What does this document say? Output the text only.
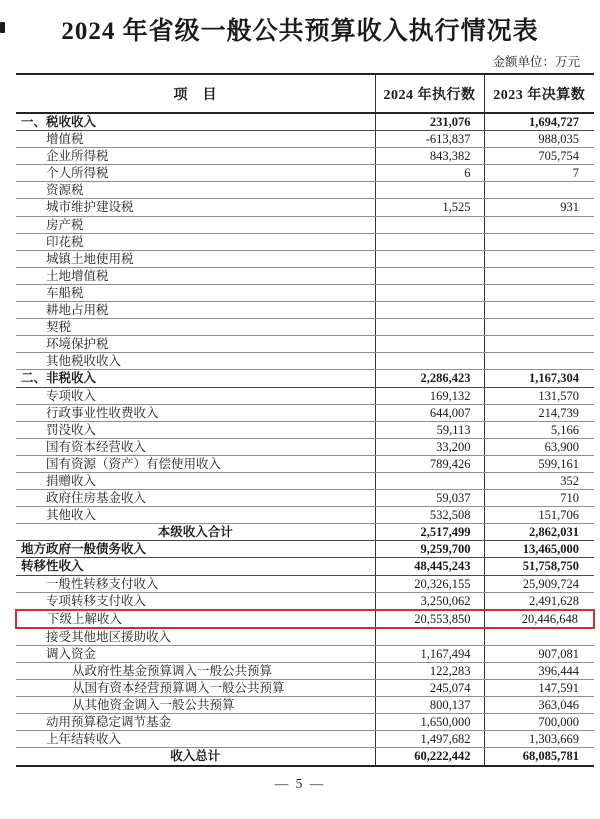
2024 年省级一般公共预算收入执行情况表
金额单位：万元
项　目	2024 年执行数	2023 年决算数
一、税收收入	231,076	1,694,727
增值税	-613,837	988,035
企业所得税	843,382	705,754
个人所得税	6	7
资源税		
城市维护建设税	1,525	931
房产税		
印花税		
城镇土地使用税		
土地增值税		
车船税		
耕地占用税		
契税		
环境保护税		
其他税收收入		
二、非税收入	2,286,423	1,167,304
专项收入	169,132	131,570
行政事业性收费收入	644,007	214,739
罚没收入	59,113	5,166
国有资本经营收入	33,200	63,900
国有资源（资产）有偿使用收入	789,426	599,161
捐赠收入		352
政府住房基金收入	59,037	710
其他收入	532,508	151,706
本级收入合计	2,517,499	2,862,031
地方政府一般债务收入	9,259,700	13,465,000
转移性收入	48,445,243	51,758,750
一般性转移支付收入	20,326,155	25,909,724
专项转移支付收入	3,250,062	2,491,628
下级上解收入	20,553,850	20,446,648
接受其他地区援助收入		
调入资金	1,167,494	907,081
从政府性基金预算调入一般公共预算	122,283	396,444
从国有资本经营预算调入一般公共预算	245,074	147,591
从其他资金调入一般公共预算	800,137	363,046
动用预算稳定调节基金	1,650,000	700,000
上年结转收入	1,497,682	1,303,669
收入总计	60,222,442	68,085,781
— 5 —
